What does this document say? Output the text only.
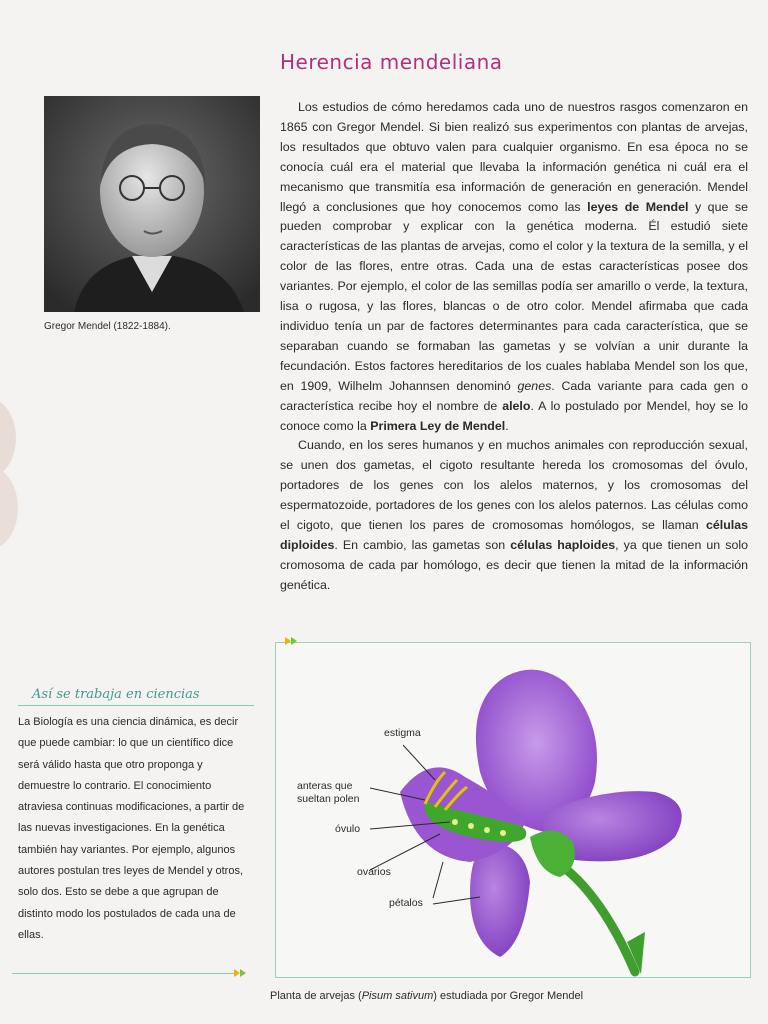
Herencia mendeliana
Gregor Mendel (1822-1884).

Los estudios de cómo heredamos cada uno de nuestros rasgos comenzaron en 1865 con Gregor Mendel. Si bien realizó sus experimentos con plantas de arvejas, los resultados que obtuvo valen para cualquier organismo. En esa época no se conocía cuál era el material que llevaba la información genética ni cuál era el mecanismo que transmitía esa información de generación en generación. Mendel llegó a conclusiones que hoy conocemos como las leyes de Mendel y que se pueden comprobar y explicar con la genética moderna. Él estudió siete características de las plantas de arvejas, como el color y la textura de la semilla, y el color de las flores, entre otras. Cada una de estas características posee dos variantes. Por ejemplo, el color de las semillas podía ser amarillo o verde, la textura, lisa o rugosa, y las flores, blancas o de otro color. Mendel afirmaba que cada individuo tenía un par de factores determinantes para cada característica, que se separaban cuando se formaban las gametas y se volvían a unir durante la fecundación. Estos factores hereditarios de los cuales hablaba Mendel son los que, en 1909, Wilhelm Johannsen denominó genes. Cada variante para cada gen o característica recibe hoy el nombre de alelo. A lo postulado por Mendel, hoy se lo conoce como la Primera Ley de Mendel.

Cuando, en los seres humanos y en muchos animales con reproducción sexual, se unen dos gametas, el cigoto resultante hereda los cromosomas del óvulo, portadores de los genes con los alelos maternos, y los cromosomas del espermatozoide, portadores de los genes con los alelos paternos. Las células como el cigoto, que tienen los pares de cromosomas homólogos, se llaman células diploides. En cambio, las gametas son células haploides, ya que tienen un solo cromosoma de cada par homólogo, es decir que tienen la mitad de la información genética.

Así se trabaja en ciencias
La Biología es una ciencia dinámica, es decir que puede cambiar: lo que un científico dice será válido hasta que otro proponga y demuestre lo contrario. El conocimiento atraviesa continuas modificaciones, a partir de las nuevas investigaciones. En la genética también hay variantes. Por ejemplo, algunos autores postulan tres leyes de Mendel y otros, solo dos. Esto se debe a que agrupan de distinto modo los postulados de cada una de ellas.
estigma
anteras que
sueltan polen
óvulo
ovarios
pétalos
Planta de arvejas (Pisum sativum) estudiada por Gregor Mendel
